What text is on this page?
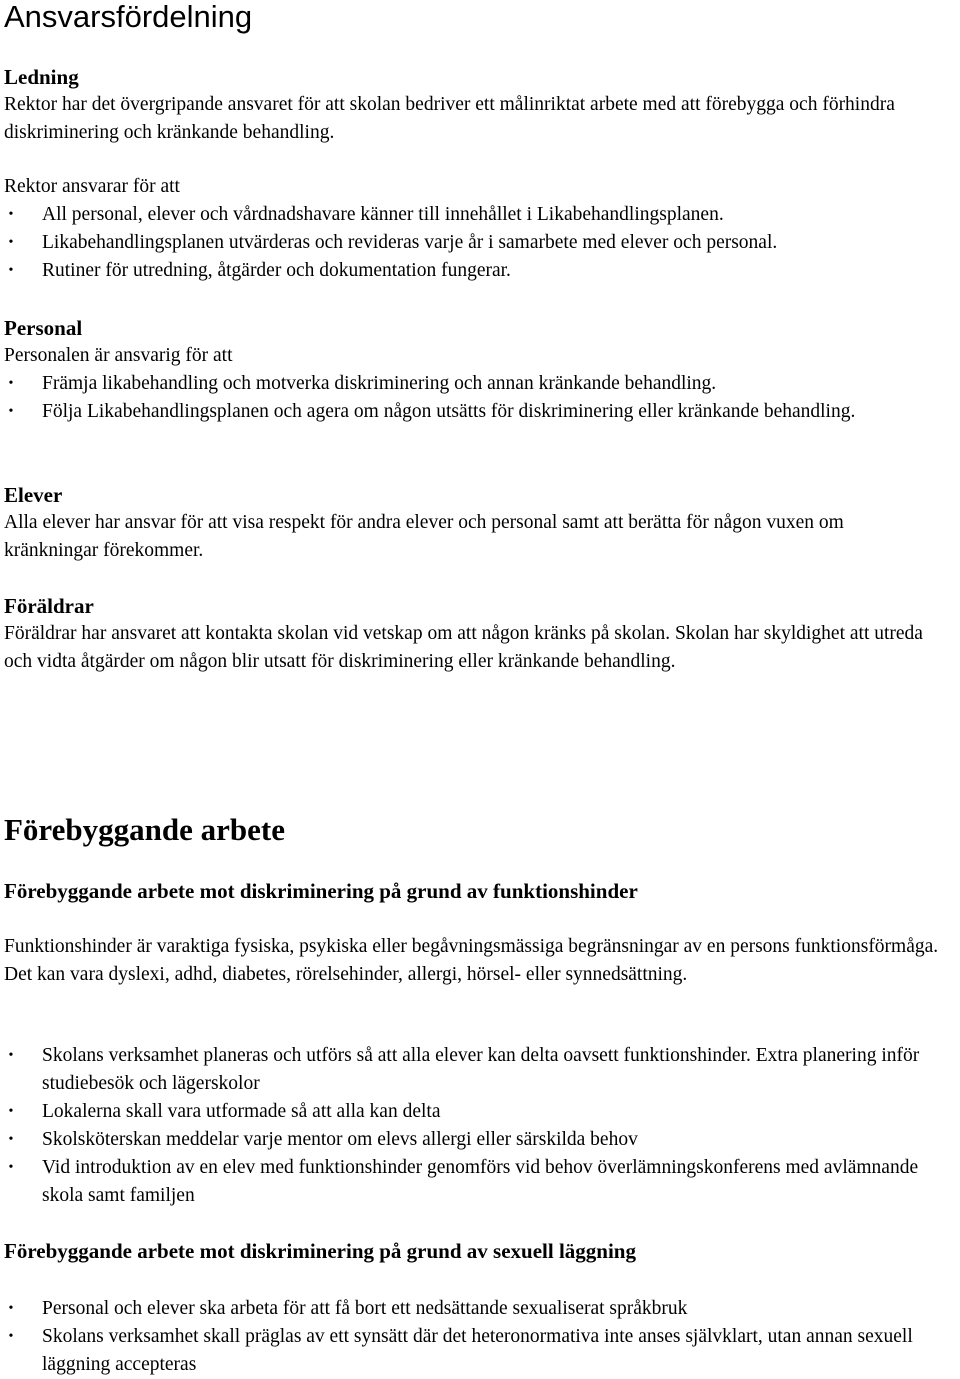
Ansvarsfördelning
Ledning

Rektor har det övergripande ansvaret för att skolan bedriver ett målinriktat arbete med att förebygga och förhindra diskriminering och kränkande behandling.

Rektor ansvarar för att

• All personal, elever och vårdnadshavare känner till innehållet i Likabehandlingsplanen.
• Likabehandlingsplanen utvärderas och revideras varje år i samarbete med elever och personal.
• Rutiner för utredning, åtgärder och dokumentation fungerar.
Personal

Personalen är ansvarig för att

• Främja likabehandling och motverka diskriminering och annan kränkande behandling.
• Följa Likabehandlingsplanen och agera om någon utsätts för diskriminering eller kränkande behandling.
Elever

Alla elever har ansvar för att visa respekt för andra elever och personal samt att berätta för någon vuxen om kränkningar förekommer.

Föräldrar

Föräldrar har ansvaret att kontakta skolan vid vetskap om att någon kränks på skolan. Skolan har skyldighet att utreda och vidta åtgärder om någon blir utsatt för diskriminering eller kränkande behandling.

Förebyggande arbete
Förebyggande arbete mot diskriminering på grund av funktionshinder

Funktionshinder är varaktiga fysiska, psykiska eller begåvningsmässiga begränsningar av en persons funktionsförmåga. Det kan vara dyslexi, adhd, diabetes, rörelsehinder, allergi, hörsel- eller synnedsättning.

• Skolans verksamhet planeras och utförs så att alla elever kan delta oavsett funktionshinder. Extra planering inför studiebesök och lägerskolor
• Lokalerna skall vara utformade så att alla kan delta
• Skolsköterskan meddelar varje mentor om elevs allergi eller särskilda behov
• Vid introduktion av en elev med funktionshinder genomförs vid behov överlämningskonferens med avlämnande skola samt familjen
Förebyggande arbete mot diskriminering på grund av sexuell läggning
• Personal och elever ska arbeta för att få bort ett nedsättande sexualiserat språkbruk
• Skolans verksamhet skall präglas av ett synsätt där det heteronormativa inte anses självklart, utan annan sexuell läggning accepteras
